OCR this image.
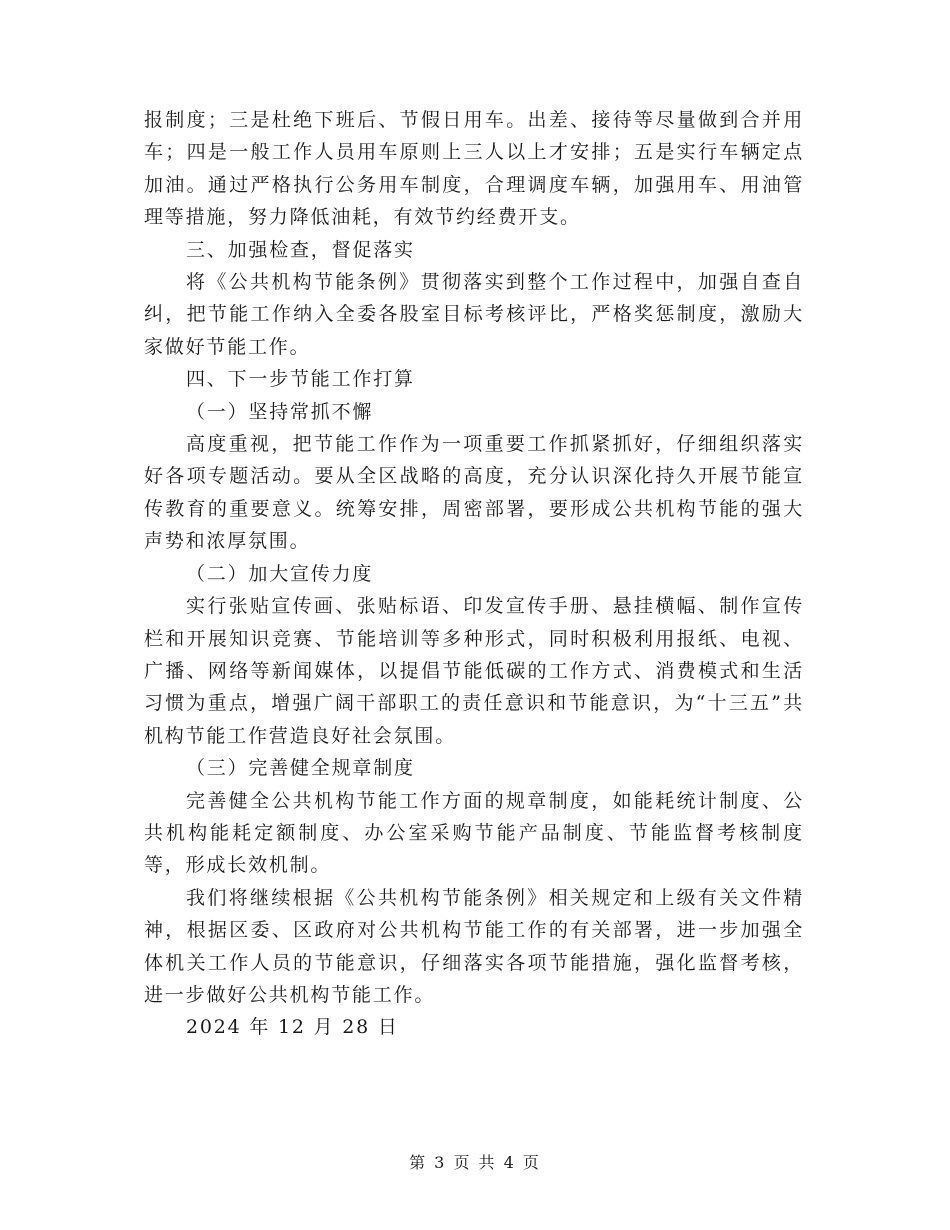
报制度；三是杜绝下班后、节假日用车。出差、接待等尽量做到合并用车；四是一般工作人员用车原则上三人以上才安排；五是实行车辆定点加油。通过严格执行公务用车制度，合理调度车辆，加强用车、用油管理等措施，努力降低油耗，有效节约经费开支。

三、加强检查，督促落实

将《公共机构节能条例》贯彻落实到整个工作过程中，加强自查自纠，把节能工作纳入全委各股室目标考核评比，严格奖惩制度，激励大家做好节能工作。

四、下一步节能工作打算

（一）坚持常抓不懈

高度重视，把节能工作作为一项重要工作抓紧抓好，仔细组织落实好各项专题活动。要从全区战略的高度，充分认识深化持久开展节能宣传教育的重要意义。统筹安排，周密部署，要形成公共机构节能的强大声势和浓厚氛围。

（二）加大宣传力度

实行张贴宣传画、张贴标语、印发宣传手册、悬挂横幅、制作宣传栏和开展知识竞赛、节能培训等多种形式，同时积极利用报纸、电视、广播、网络等新闻媒体，以提倡节能低碳的工作方式、消费模式和生活习惯为重点，增强广阔干部职工的责任意识和节能意识，为“十三五”共机构节能工作营造良好社会氛围。

（三）完善健全规章制度

完善健全公共机构节能工作方面的规章制度，如能耗统计制度、公共机构能耗定额制度、办公室采购节能产品制度、节能监督考核制度等，形成长效机制。

我们将继续根据《公共机构节能条例》相关规定和上级有关文件精神，根据区委、区政府对公共机构节能工作的有关部署，进一步加强全体机关工作人员的节能意识，仔细落实各项节能措施，强化监督考核，进一步做好公共机构节能工作。

2024 年 12 月 28 日

第 3 页 共 4 页
